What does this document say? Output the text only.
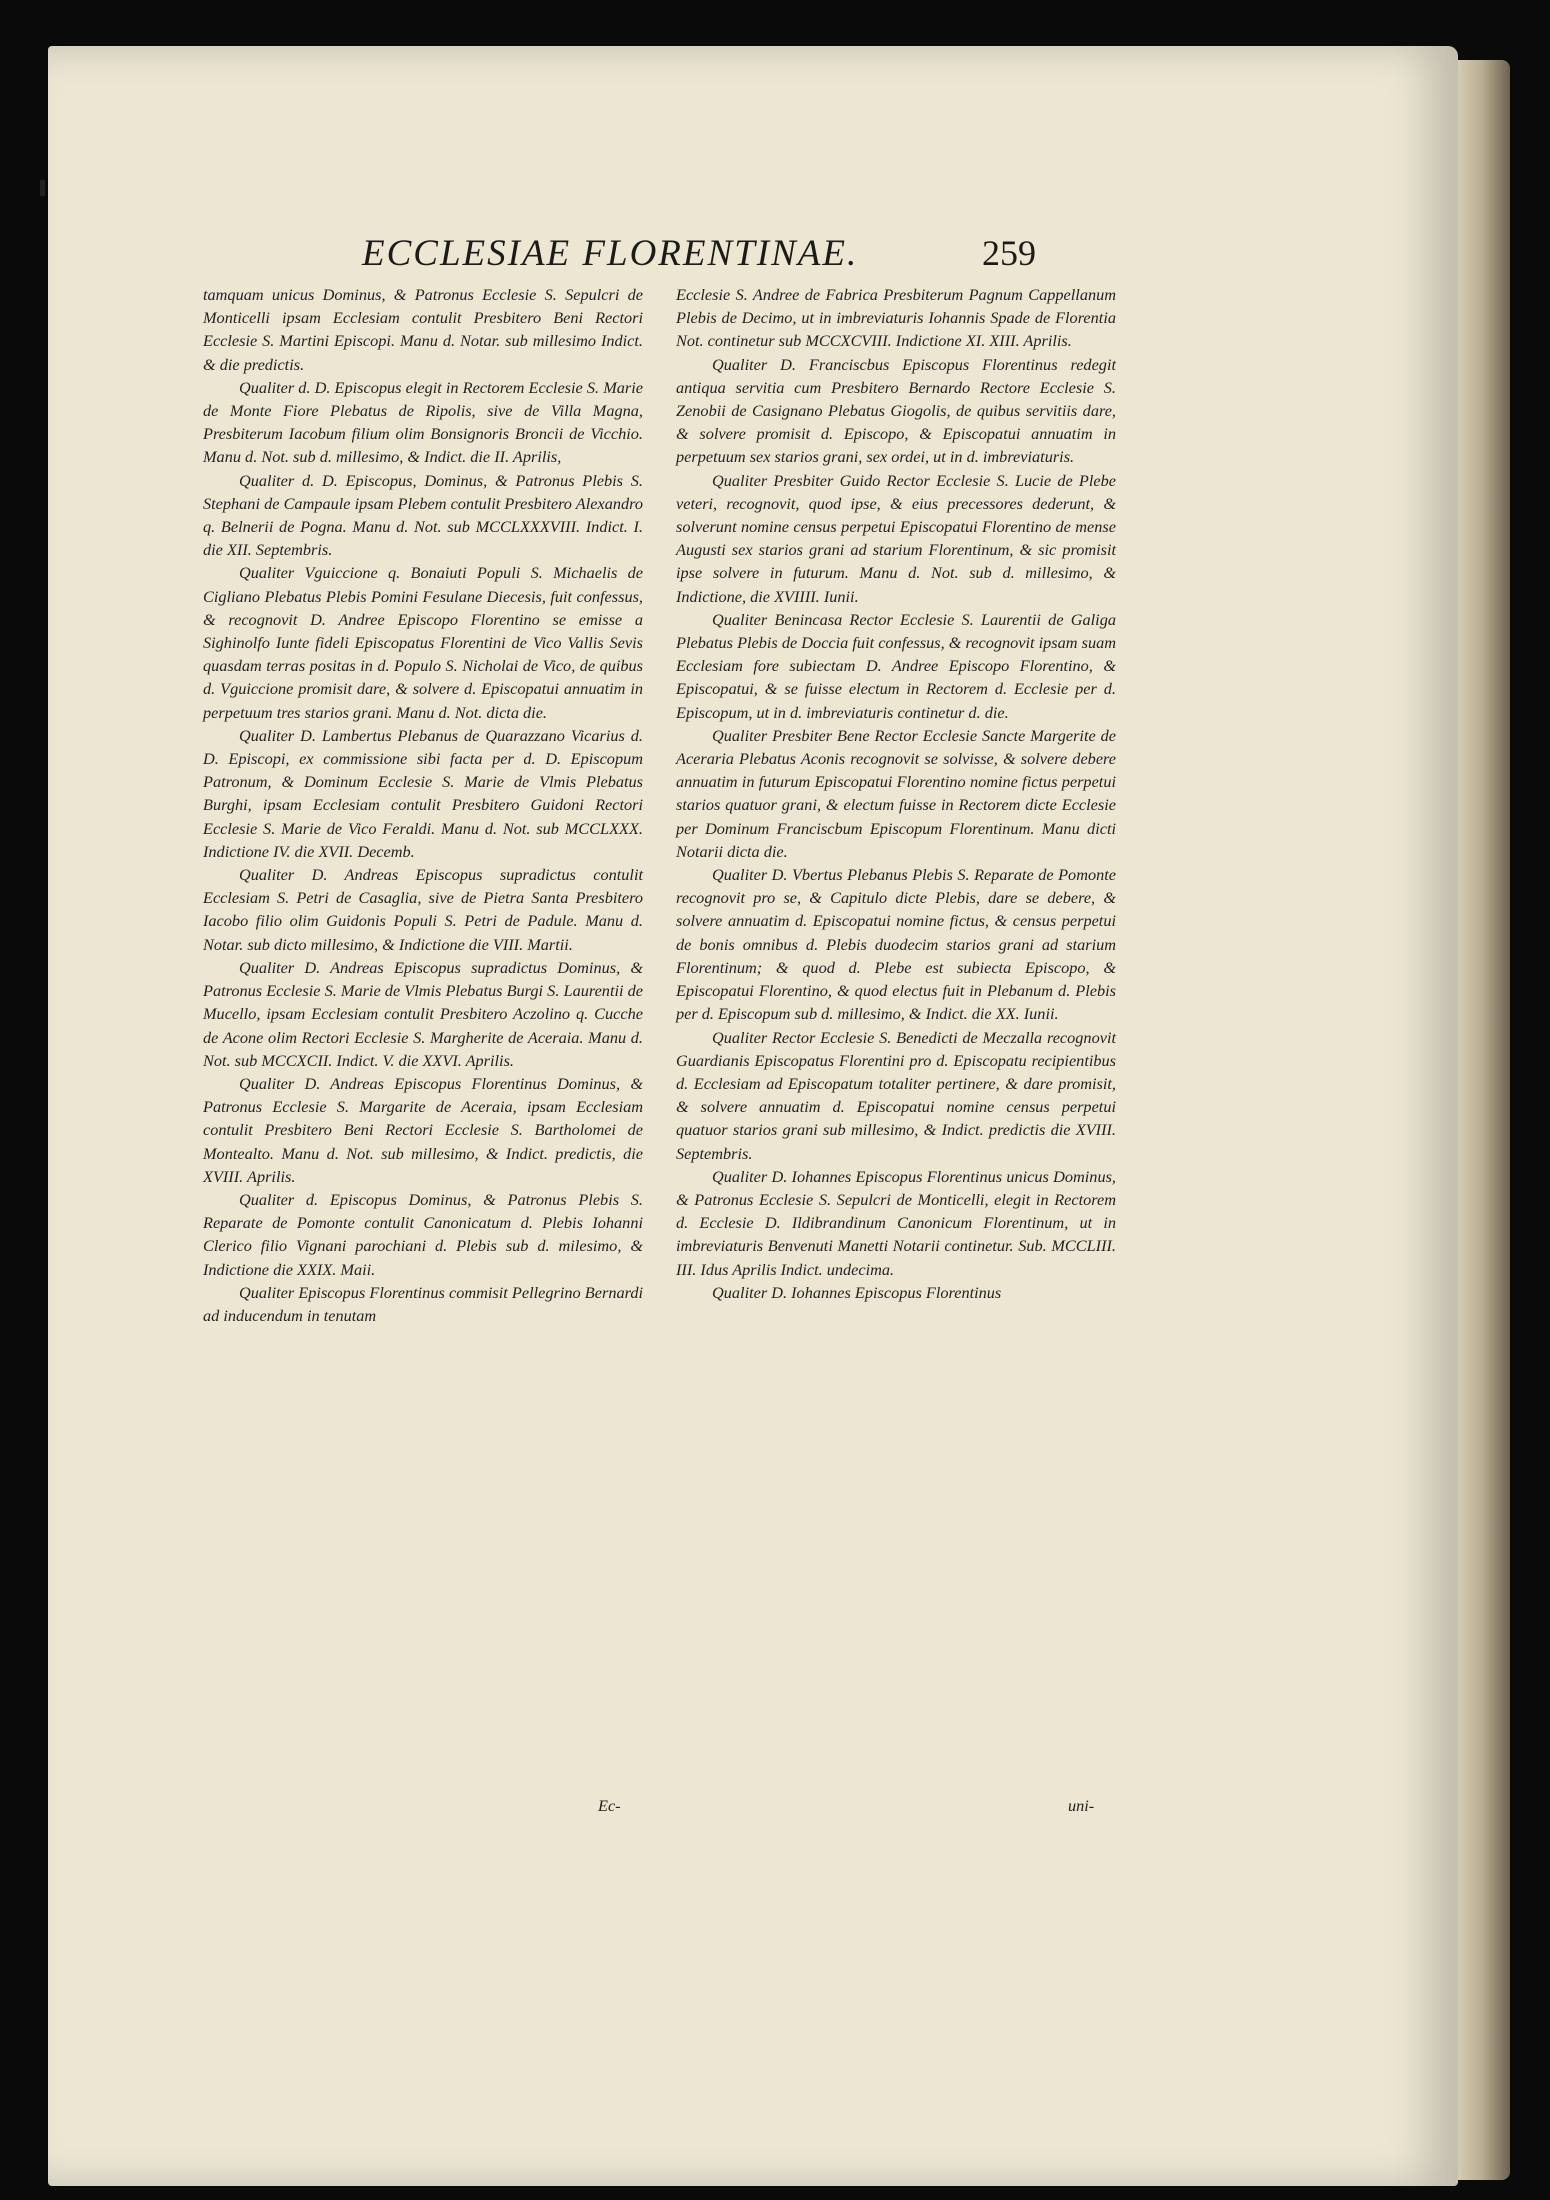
ECCLESIAE FLORENTINAE.	259

tamquam unicus Dominus, & Patronus Ecclesie S. Sepulcri de Monticelli ipsam Ecclesiam contulit Presbitero Beni Rectori Ecclesie S. Martini Episcopi. Manu d. Notar. sub millesimo Indict. & die predictis.

Qualiter d. D. Episcopus elegit in Rectorem Ecclesie S. Marie de Monte Fiore Plebatus de Ripolis, sive de Villa Magna, Presbiterum Iacobum filium olim Bonsignoris Broncii de Vicchio. Manu d. Not. sub d. millesimo, & Indict. die II. Aprilis,

Qualiter d. D. Episcopus, Dominus, & Patronus Plebis S. Stephani de Campaule ipsam Plebem contulit Presbitero Alexandro q. Belnerii de Pogna. Manu d. Not. sub MCCLXXXVIII. Indict. I. die XII. Septembris.

Qualiter Vguiccione q. Bonaiuti Populi S. Michaelis de Cigliano Plebatus Plebis Pomini Fesulane Diecesis, fuit confessus, & recognovit D. Andree Episcopo Florentino se emisse a Sighinolfo Iunte fideli Episcopatus Florentini de Vico Vallis Sevis quasdam terras positas in d. Populo S. Nicholai de Vico, de quibus d. Vguiccione promisit dare, & solvere d. Episcopatui annuatim in perpetuum tres starios grani. Manu d. Not. dicta die.

Qualiter D. Lambertus Plebanus de Quarazzano Vicarius d. D. Episcopi, ex commissione sibi facta per d. D. Episcopum Patronum, & Dominum Ecclesie S. Marie de Vlmis Plebatus Burghi, ipsam Ecclesiam contulit Presbitero Guidoni Rectori Ecclesie S. Marie de Vico Feraldi. Manu d. Not. sub MCCLXXX. Indictione IV. die XVII. Decemb.

Qualiter D. Andreas Episcopus supradictus contulit Ecclesiam S. Petri de Casaglia, sive de Pietra Santa Presbitero Iacobo filio olim Guidonis Populi S. Petri de Padule. Manu d. Notar. sub dicto millesimo, & Indictione die VIII. Martii.

Qualiter D. Andreas Episcopus supradictus Dominus, & Patronus Ecclesie S. Marie de Vlmis Plebatus Burgi S. Laurentii de Mucello, ipsam Ecclesiam contulit Presbitero Aczolino q. Cucche de Acone olim Rectori Ecclesie S. Margherite de Aceraia. Manu d. Not. sub MCCXCII. Indict. V. die XXVI. Aprilis.

Qualiter D. Andreas Episcopus Florentinus Dominus, & Patronus Ecclesie S. Margarite de Aceraia, ipsam Ecclesiam contulit Presbitero Beni Rectori Ecclesie S. Bartholomei de Montealto. Manu d. Not. sub millesimo, & Indict. predictis, die XVIII. Aprilis.

Qualiter d. Episcopus Dominus, & Patronus Plebis S. Reparate de Pomonte contulit Canonicatum d. Plebis Iohanni Clerico filio Vignani parochiani d. Plebis sub d. milesimo, & Indictione die XXIX. Maii.

Qualiter Episcopus Florentinus commisit Pellegrino Bernardi ad inducendum in tenutam

Ec-

Ecclesie S. Andree de Fabrica Presbiterum Pagnum Cappellanum Plebis de Decimo, ut in imbreviaturis Iohannis Spade de Florentia Not. continetur sub MCCXCVIII. Indictione XI. XIII. Aprilis.

Qualiter D. Franciscbus Episcopus Florentinus redegit antiqua servitia cum Presbitero Bernardo Rectore Ecclesie S. Zenobii de Casignano Plebatus Giogolis, de quibus servitiis dare, & solvere promisit d. Episcopo, & Episcopatui annuatim in perpetuum sex starios grani, sex ordei, ut in d. imbreviaturis.

Qualiter Presbiter Guido Rector Ecclesie S. Lucie de Plebe veteri, recognovit, quod ipse, & eius precessores dederunt, & solverunt nomine census perpetui Episcopatui Florentino de mense Augusti sex starios grani ad starium Florentinum, & sic promisit ipse solvere in futurum. Manu d. Not. sub d. millesimo, & Indictione, die XVIIII. Iunii.

Qualiter Benincasa Rector Ecclesie S. Laurentii de Galiga Plebatus Plebis de Doccia fuit confessus, & recognovit ipsam suam Ecclesiam fore subiectam D. Andree Episcopo Florentino, & Episcopatui, & se fuisse electum in Rectorem d. Ecclesie per d. Episcopum, ut in d. imbreviaturis continetur d. die.

Qualiter Presbiter Bene Rector Ecclesie Sancte Margerite de Aceraria Plebatus Aconis recognovit se solvisse, & solvere debere annuatim in futurum Episcopatui Florentino nomine fictus perpetui starios quatuor grani, & electum fuisse in Rectorem dicte Ecclesie per Dominum Franciscbum Episcopum Florentinum. Manu dicti Notarii dicta die.

Qualiter D. Vbertus Plebanus Plebis S. Reparate de Pomonte recognovit pro se, & Capitulo dicte Plebis, dare se debere, & solvere annuatim d. Episcopatui nomine fictus, & census perpetui de bonis omnibus d. Plebis duodecim starios grani ad starium Florentinum; & quod d. Plebe est subiecta Episcopo, & Episcopatui Florentino, & quod electus fuit in Plebanum d. Plebis per d. Episcopum sub d. millesimo, & Indict. die XX. Iunii.

Qualiter Rector Ecclesie S. Benedicti de Meczalla recognovit Guardianis Episcopatus Florentini pro d. Episcopatu recipientibus d. Ecclesiam ad Episcopatum totaliter pertinere, & dare promisit, & solvere annuatim d. Episcopatui nomine census perpetui quatuor starios grani sub millesimo, & Indict. predictis die XVIII. Septembris.

Qualiter D. Iohannes Episcopus Florentinus unicus Dominus, & Patronus Ecclesie S. Sepulcri de Monticelli, elegit in Rectorem d. Ecclesie D. Ildibrandinum Canonicum Florentinum, ut in imbreviaturis Benvenuti Manetti Notarii continetur. Sub. MCCLIII. III. Idus Aprilis Indict. undecima.

Qualiter D. Iohannes Episcopus Florentinus

uni-
